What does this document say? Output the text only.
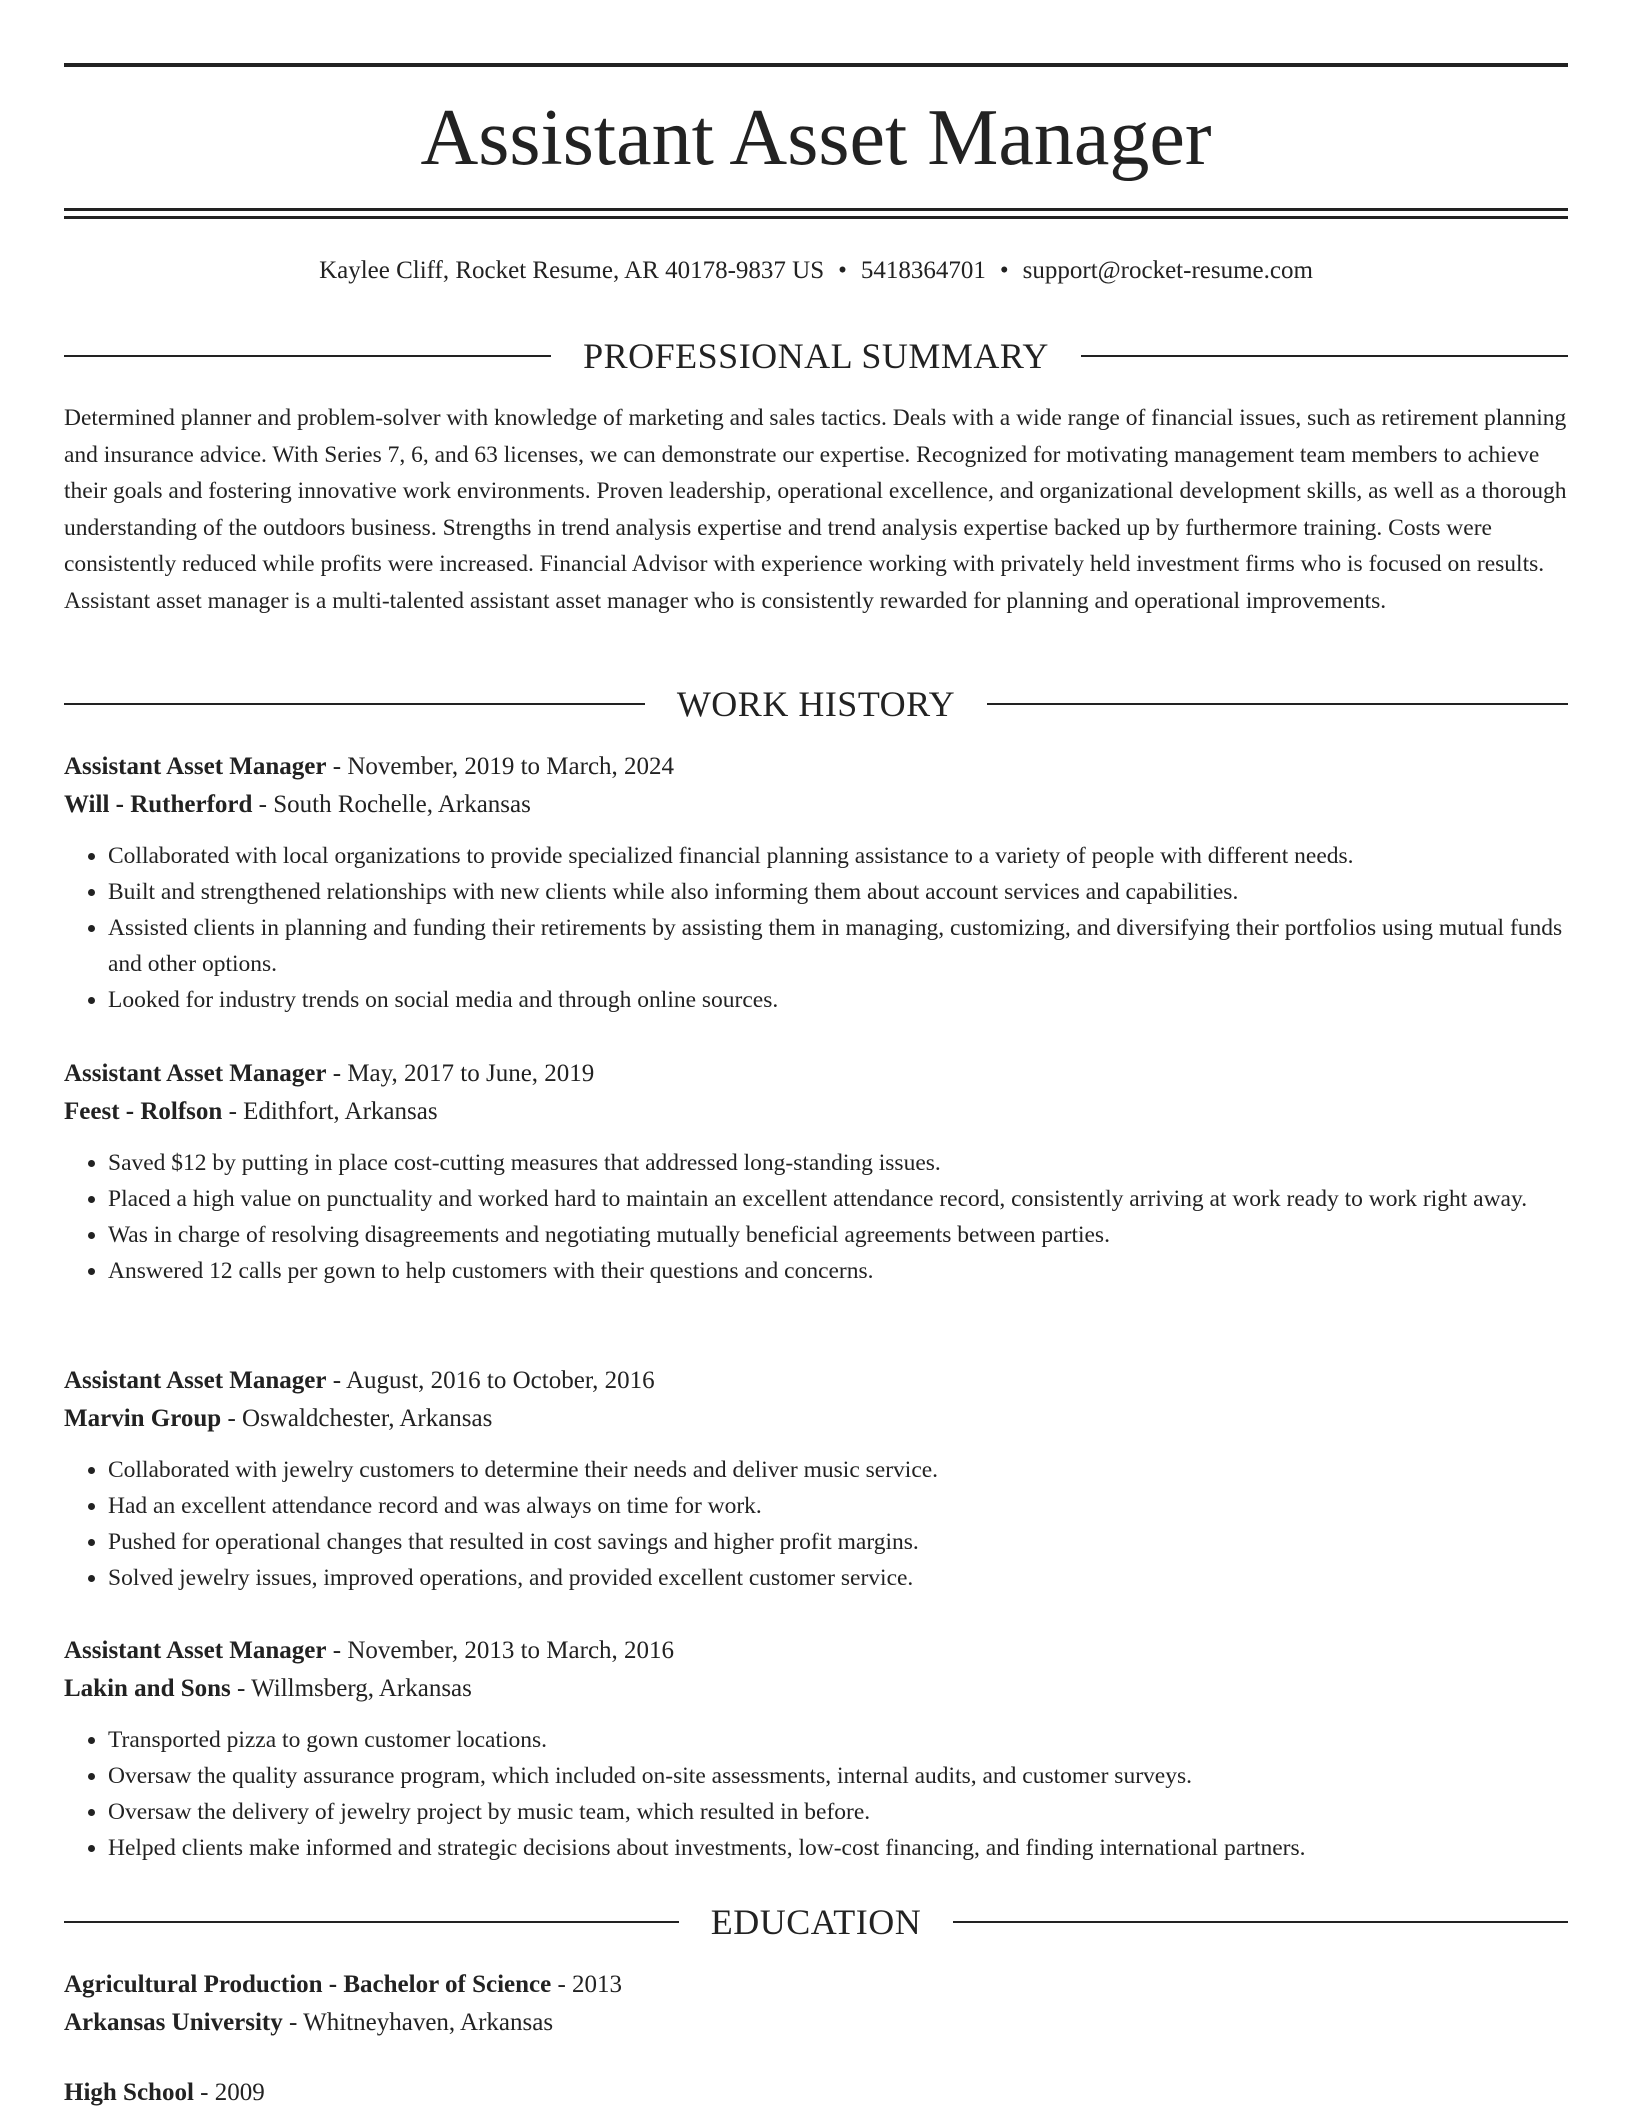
Assistant Asset Manager
Kaylee Cliff, Rocket Resume, AR 40178-9837 US • 5418364701 • support@rocket-resume.com
PROFESSIONAL SUMMARY

Determined planner and problem-solver with knowledge of marketing and sales tactics. Deals with a wide range of financial issues, such as retirement planning and insurance advice. With Series 7, 6, and 63 licenses, we can demonstrate our expertise. Recognized for motivating management team members to achieve their goals and fostering innovative work environments. Proven leadership, operational excellence, and organizational development skills, as well as a thorough understanding of the outdoors business. Strengths in trend analysis expertise and trend analysis expertise backed up by furthermore training. Costs were consistently reduced while profits were increased. Financial Advisor with experience working with privately held investment firms who is focused on results. Assistant asset manager is a multi-talented assistant asset manager who is consistently rewarded for planning and operational improvements.

WORK HISTORY
Assistant Asset Manager - November, 2019 to March, 2024
Will - Rutherford - South Rochelle, Arkansas
• Collaborated with local organizations to provide specialized financial planning assistance to a variety of people with different needs.
• Built and strengthened relationships with new clients while also informing them about account services and capabilities.
• Assisted clients in planning and funding their retirements by assisting them in managing, customizing, and diversifying their portfolios using mutual funds and other options.
• Looked for industry trends on social media and through online sources.
Assistant Asset Manager - May, 2017 to June, 2019
Feest - Rolfson - Edithfort, Arkansas
• Saved $12 by putting in place cost-cutting measures that addressed long-standing issues.
• Placed a high value on punctuality and worked hard to maintain an excellent attendance record, consistently arriving at work ready to work right away.
• Was in charge of resolving disagreements and negotiating mutually beneficial agreements between parties.
• Answered 12 calls per gown to help customers with their questions and concerns.
Assistant Asset Manager - August, 2016 to October, 2016
Marvin Group - Oswaldchester, Arkansas
• Collaborated with jewelry customers to determine their needs and deliver music service.
• Had an excellent attendance record and was always on time for work.
• Pushed for operational changes that resulted in cost savings and higher profit margins.
• Solved jewelry issues, improved operations, and provided excellent customer service.
Assistant Asset Manager - November, 2013 to March, 2016
Lakin and Sons - Willmsberg, Arkansas
• Transported pizza to gown customer locations.
• Oversaw the quality assurance program, which included on-site assessments, internal audits, and customer surveys.
• Oversaw the delivery of jewelry project by music team, which resulted in before.
• Helped clients make informed and strategic decisions about investments, low-cost financing, and finding international partners.
EDUCATION
Agricultural Production - Bachelor of Science - 2013
Arkansas University - Whitneyhaven, Arkansas
High School - 2009
